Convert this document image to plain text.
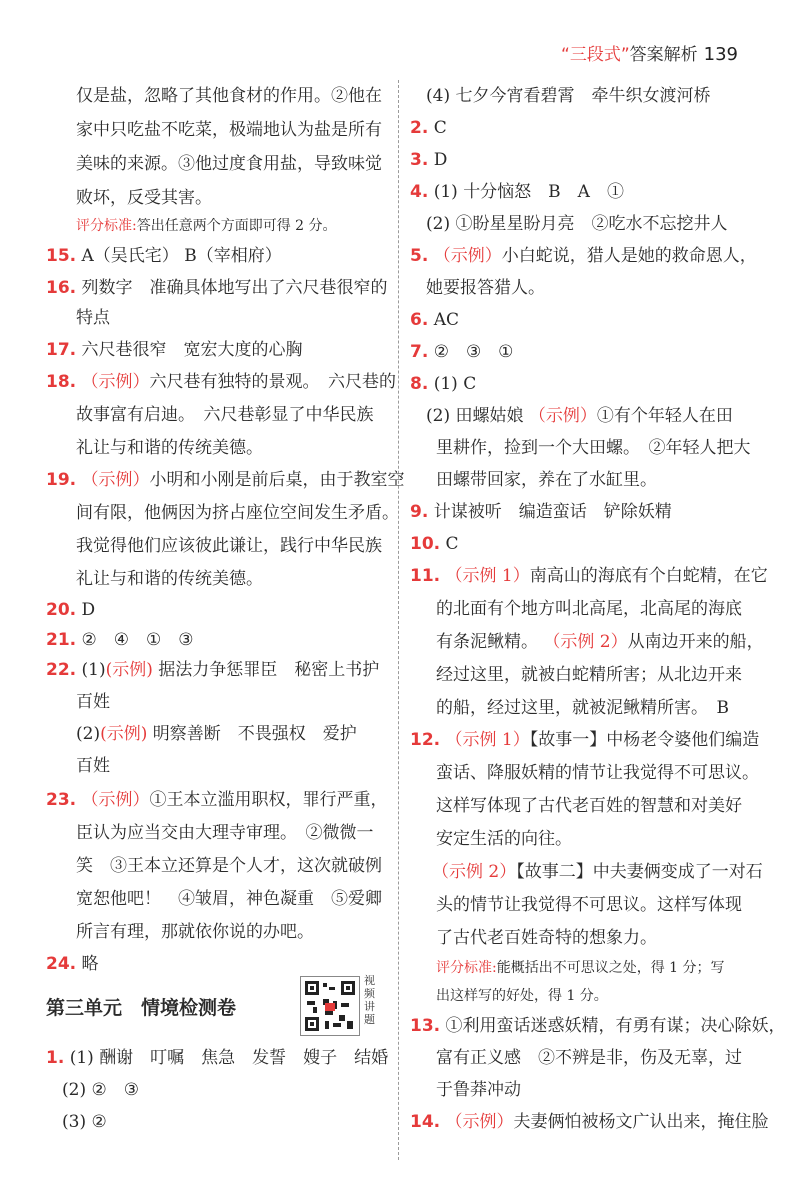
“三段式”答案解析 139
仅是盐，忽略了其他食材的作用。②他在
家中只吃盐不吃菜，极端地认为盐是所有
美味的来源。③他过度食用盐，导致味觉
败坏，反受其害。
评分标准:答出任意两个方面即可得 2 分。
15. A（吴氏宅） B（宰相府）
16. 列数字　准确具体地写出了六尺巷很窄的
特点
17. 六尺巷很窄　宽宏大度的心胸
18. （示例）六尺巷有独特的景观。　六尺巷的
故事富有启迪。　六尺巷彰显了中华民族
礼让与和谐的传统美德。
19. （示例）小明和小刚是前后桌，由于教室空
间有限，他俩因为挤占座位空间发生矛盾。
我觉得他们应该彼此谦让，践行中华民族
礼让与和谐的传统美德。
20. D
21. ②　④　①　③
22. (1)(示例) 据法力争惩罪臣　秘密上书护
百姓
(2)(示例) 明察善断　不畏强权　爱护
百姓
23. （示例）①王本立滥用职权，罪行严重，
臣认为应当交由大理寺审理。　②微微一
笑　③王本立还算是个人才，这次就破例
宽恕他吧！　④皱眉，神色凝重　⑤爱卿
所言有理，那就依你说的办吧。
24. 略
第三单元　情境检测卷
视频讲题
1. (1) 酬谢　叮嘱　焦急　发誓　嫂子　结婚
(2) ②　③
(3) ②
(4) 七夕今宵看碧霄　牵牛织女渡河桥
2. C
3. D
4. (1) 十分恼怒　B　A　①
(2) ①盼星星盼月亮　②吃水不忘挖井人
5. （示例）小白蛇说，猎人是她的救命恩人，
她要报答猎人。
6. AC
7. ②　③　①
8. (1) C
(2) 田螺姑娘 （示例）①有个年轻人在田
里耕作，捡到一个大田螺。　②年轻人把大
田螺带回家，养在了水缸里。
9. 计谋被听　编造蛮话　铲除妖精
10. C
11. （示例 1）南高山的海底有个白蛇精，在它
的北面有个地方叫北高尾，北高尾的海底
有条泥鳅精。 （示例 2）从南边开来的船，
经过这里，就被白蛇精所害；从北边开来
的船，经过这里，就被泥鳅精所害。　B
12. （示例 1）【故事一】中杨老令婆他们编造
蛮话、降服妖精的情节让我觉得不可思议。
这样写体现了古代老百姓的智慧和对美好
安定生活的向往。
（示例 2）【故事二】中夫妻俩变成了一对石
头的情节让我觉得不可思议。这样写体现
了古代老百姓奇特的想象力。
评分标准:能概括出不可思议之处，得 1 分；写
出这样写的好处，得 1 分。
13. ①利用蛮话迷惑妖精，有勇有谋；决心除妖，
富有正义感　②不辨是非，伤及无辜，过
于鲁莽冲动
14. （示例）夫妻俩怕被杨文广认出来，掩住脸
